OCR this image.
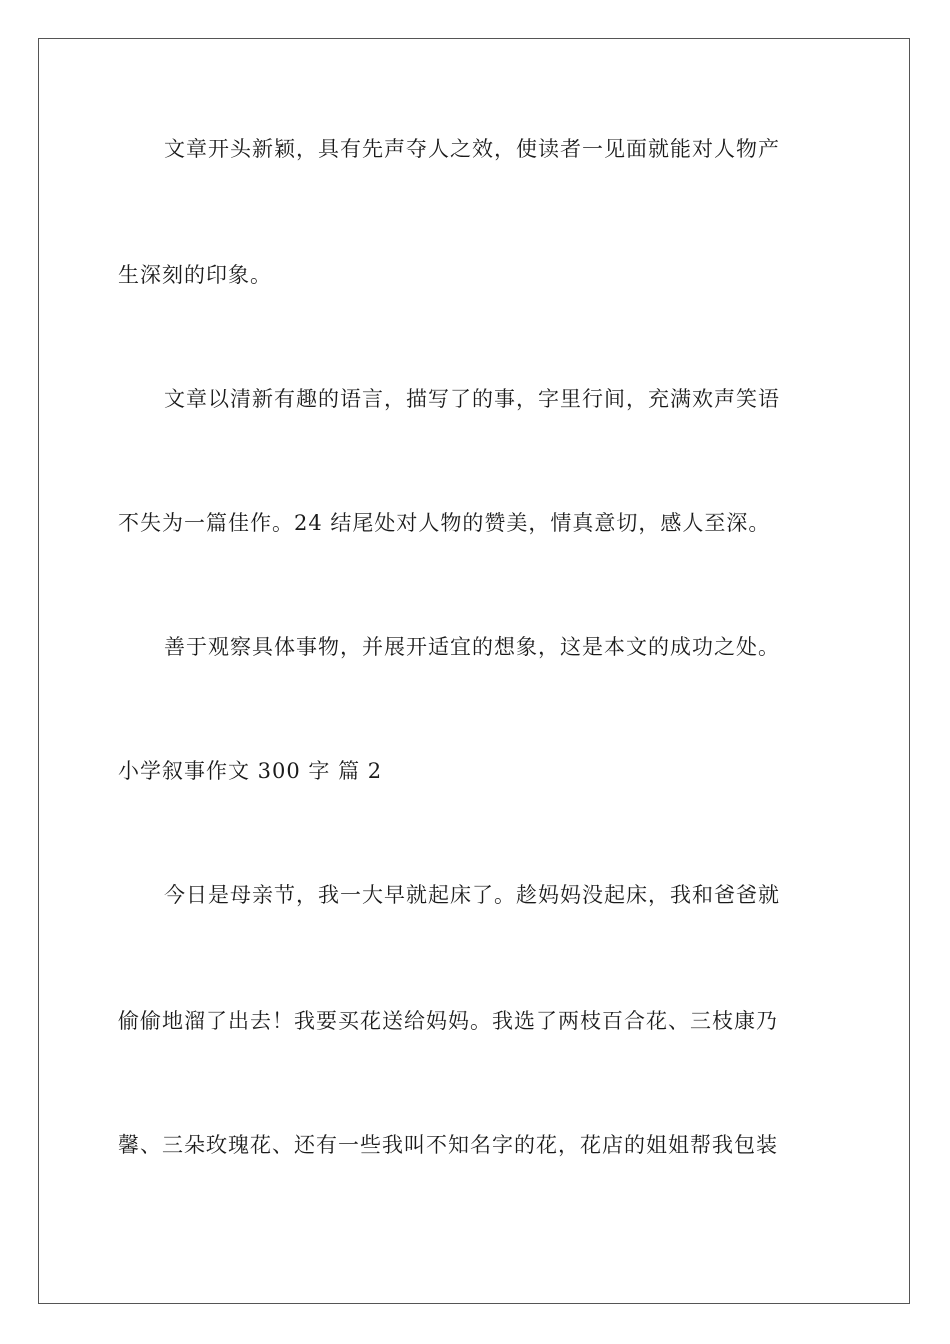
文章开头新颖，具有先声夺人之效，使读者一见面就能对人物产
生深刻的印象。
文章以清新有趣的语言，描写了的事，字里行间，充满欢声笑语
不失为一篇佳作。24 结尾处对人物的赞美，情真意切，感人至深。
善于观察具体事物，并展开适宜的想象，这是本文的成功之处。
小学叙事作文 300 字 篇 2
今日是母亲节，我一大早就起床了。趁妈妈没起床，我和爸爸就
偷偷地溜了出去！我要买花送给妈妈。我选了两枝百合花、三枝康乃
馨、三朵玫瑰花、还有一些我叫不知名字的花，花店的姐姐帮我包装
